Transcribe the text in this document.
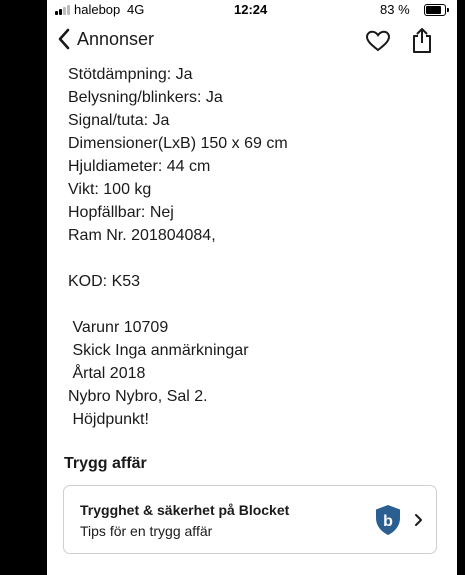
halebop 4G	12:24	83 %
Annonser
Stötdämpning: Ja
Belysning/blinkers: Ja
Signal/tuta: Ja
Dimensioner(LxB) 150 x 69 cm
Hjuldiameter: 44 cm
Vikt: 100 kg
Hopfällbar: Nej
Ram Nr. 201804084,
KOD: K53
Varunr 10709
Skick Inga anmärkningar
Årtal 2018
Nybro Nybro, Sal 2.
Höjdpunkt!
Trygg affär
Trygghet & säkerhet på Blocket
Tips för en trygg affär
b
